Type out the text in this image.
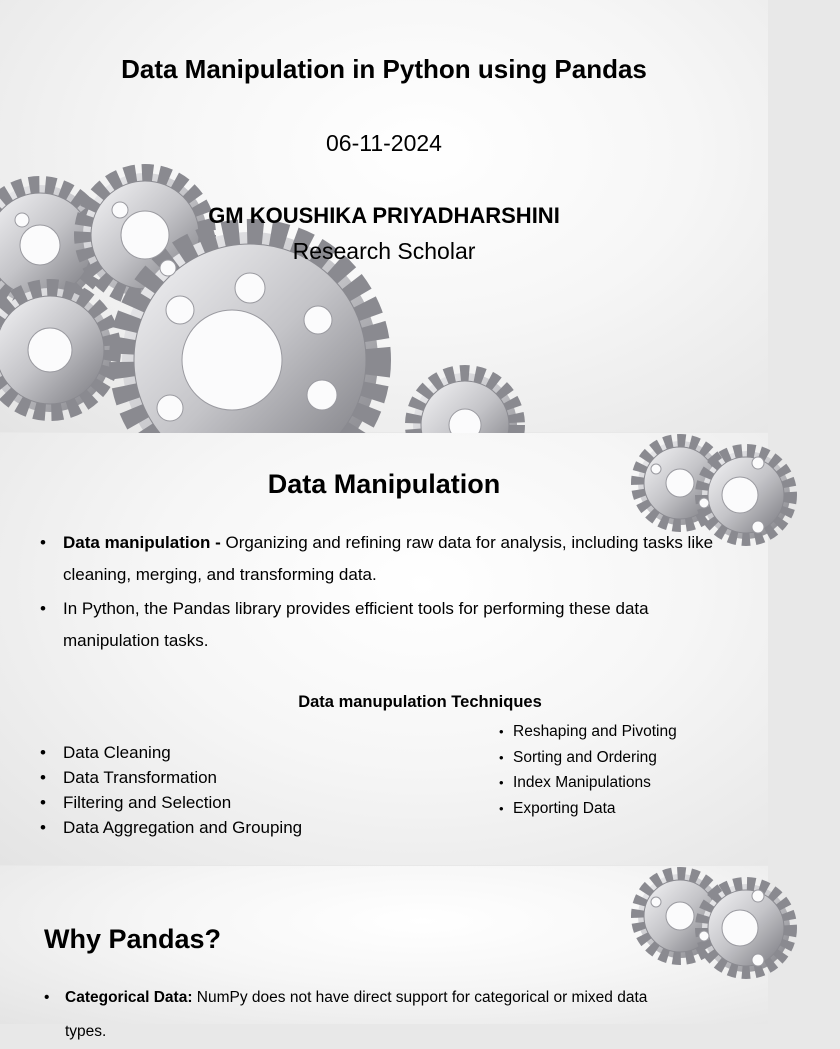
Data Manipulation in Python using Pandas
06-11-2024
GM KOUSHIKA PRIYADHARSHINI
Research Scholar
Data Manipulation
• Data manipulation - Organizing and refining raw data for analysis, including tasks like cleaning, merging, and transforming data.
• In Python, the Pandas library provides efficient tools for performing these data manipulation tasks.
Data manupulation Techniques
• Data Cleaning
• Data Transformation
• Filtering and Selection
• Data Aggregation and Grouping
• Reshaping and Pivoting
• Sorting and Ordering
• Index Manipulations
• Exporting Data
Why Pandas?
• Categorical Data: NumPy does not have direct support for categorical or mixed data types.
